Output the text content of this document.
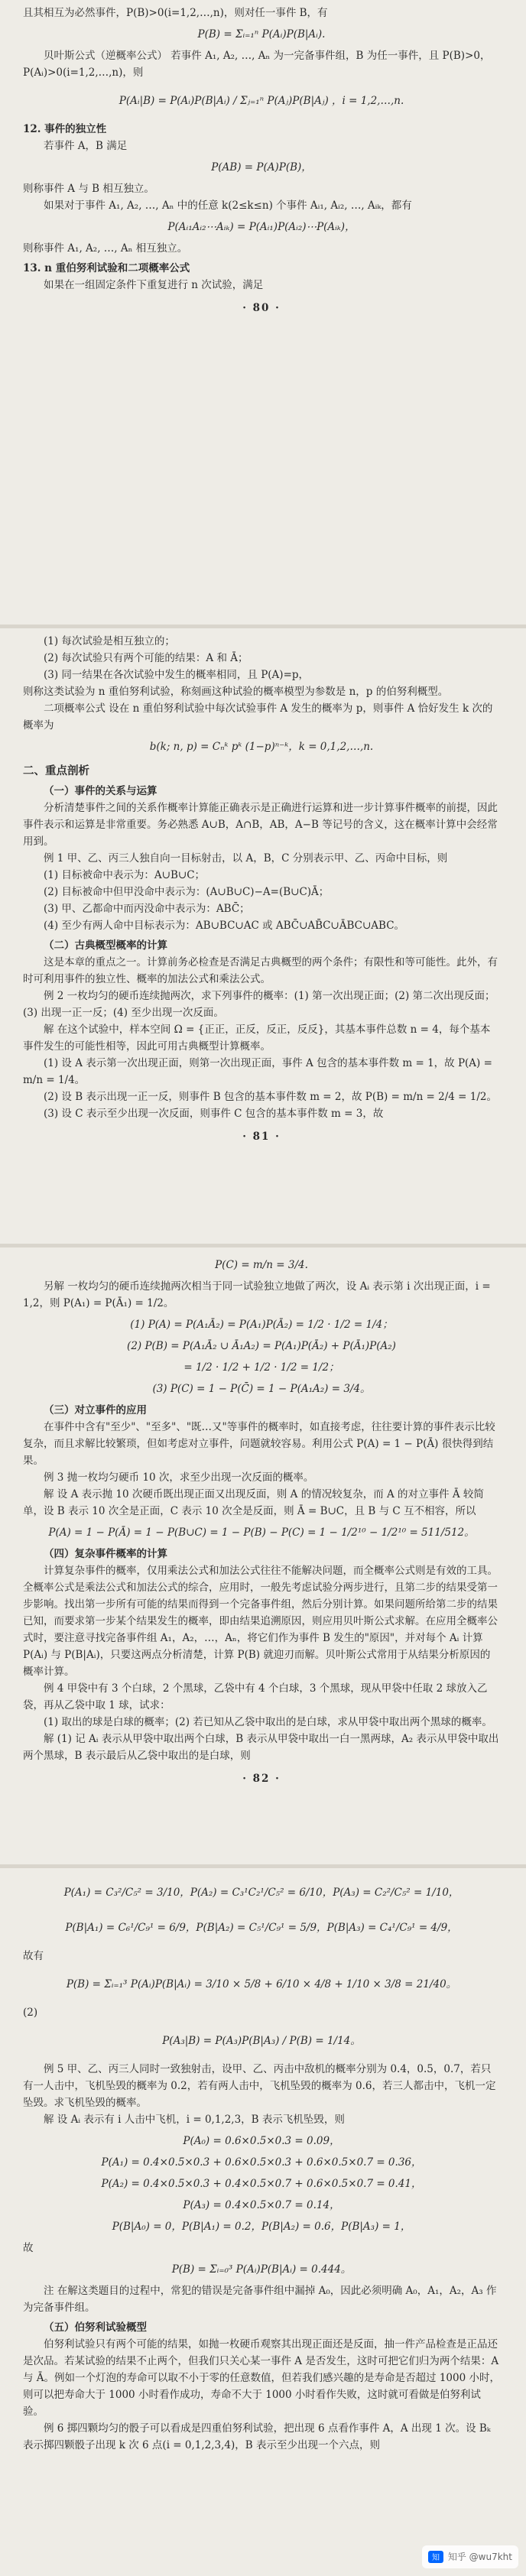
且其相互为必然事件，P(B)>0(i=1,2,…,n)，则对任一事件 B，有

P(B) = Σᵢ₌₁ⁿ P(Aᵢ)P(B|Aᵢ).

贝叶斯公式（逆概率公式） 若事件 A₁, A₂, …, Aₙ 为一完备事件组，B 为任一事件，且 P(B)>0，P(Aᵢ)>0(i=1,2,…,n)，则

P(Aᵢ|B) = P(Aᵢ)P(B|Aᵢ) / Σⱼ₌₁ⁿ P(Aⱼ)P(B|Aⱼ) ，i = 1,2,…,n.

12. 事件的独立性

若事件 A，B 满足

P(AB) = P(A)P(B)，

则称事件 A 与 B 相互独立。

如果对于事件 A₁, A₂, …, Aₙ 中的任意 k(2≤k≤n) 个事件 Aᵢ₁, Aᵢ₂, …, Aᵢₖ，都有

P(Aᵢ₁Aᵢ₂⋯Aᵢₖ) = P(Aᵢ₁)P(Aᵢ₂)⋯P(Aᵢₖ)，

则称事件 A₁, A₂, …, Aₙ 相互独立。

13. n 重伯努利试验和二项概率公式

如果在一组固定条件下重复进行 n 次试验，满足

· 80 ·

(1) 每次试验是相互独立的；

(2) 每次试验只有两个可能的结果：A 和 Ā；

(3) 同一结果在各次试验中发生的概率相同，且 P(A)=p，

则称这类试验为 n 重伯努利试验，称刻画这种试验的概率模型为参数是 n，p 的伯努利概型。

二项概率公式 设在 n 重伯努利试验中每次试验事件 A 发生的概率为 p，则事件 A 恰好发生 k 次的概率为

b(k; n, p) = Cₙᵏ pᵏ (1−p)ⁿ⁻ᵏ，k = 0,1,2,…,n.

二、重点剖析

（一）事件的关系与运算

分析清楚事件之间的关系作概率计算能正确表示是正确进行运算和进一步计算事件概率的前提，因此事件表示和运算是非常重要。务必熟悉 A∪B，A∩B，AB，A−B 等记号的含义，这在概率计算中会经常用到。

例 1 甲、乙、丙三人独自向一目标射击，以 A，B，C 分别表示甲、乙、丙命中目标，则

(1) 目标被命中表示为：A∪B∪C；

(2) 目标被命中但甲没命中表示为：(A∪B∪C)−A=(B∪C)Ā；

(3) 甲、乙都命中而丙没命中表示为：ABC̄；

(4) 至少有两人命中目标表示为：AB∪BC∪AC 或 ABC̄∪AB̄C∪ĀBC∪ABC。

（二）古典概型概率的计算

这是本章的重点之一。计算前务必检查是否满足古典概型的两个条件；有限性和等可能性。此外，有时可利用事件的独立性、概率的加法公式和乘法公式。

例 2 一枚均匀的硬币连续抛两次，求下列事件的概率：(1) 第一次出现正面；(2) 第二次出现反面；(3) 出现一正一反；(4) 至少出现一次反面。

解 在这个试验中，样本空间 Ω = {正正，正反，反正，反反}，其基本事件总数 n = 4，每个基本事件发生的可能性相等，因此可用古典概型计算概率。

(1) 设 A 表示第一次出现正面，则第一次出现正面，事件 A 包含的基本事件数 m = 1，故 P(A) = m/n = 1/4。

(2) 设 B 表示出现一正一反，则事件 B 包含的基本事件数 m = 2，故 P(B) = m/n = 2/4 = 1/2。

(3) 设 C 表示至少出现一次反面，则事件 C 包含的基本事件数 m = 3，故

· 81 ·

P(C) = m/n = 3/4.

另解 一枚均匀的硬币连续抛两次相当于同一试验独立地做了两次，设 Aᵢ 表示第 i 次出现正面，i = 1,2，则 P(A₁) = P(Ā₁) = 1/2。

(1) P(A) = P(A₁Ā₂) = P(A₁)P(Ā₂) = 1/2 · 1/2 = 1/4；

(2) P(B) = P(A₁Ā₂ ∪ Ā₁A₂) = P(A₁)P(Ā₂) + P(Ā₁)P(A₂)

= 1/2 · 1/2 + 1/2 · 1/2 = 1/2；

(3) P(C) = 1 − P(C̄) = 1 − P(A₁A₂) = 3/4。

（三）对立事件的应用

在事件中含有"至少"、"至多"、"既…又"等事件的概率时，如直接考虑，往往要计算的事件表示比较复杂，而且求解比较繁琐，但如考虑对立事件，问题就较容易。利用公式 P(A) = 1 − P(Ā) 很快得到结果。

例 3 抛一枚均匀硬币 10 次，求至少出现一次反面的概率。

解 设 A 表示抛 10 次硬币既出现正面又出现反面，则 A 的情况较复杂，而 A 的对立事件 Ā 较简单，设 B 表示 10 次全是正面，C 表示 10 次全是反面，则 Ā = B∪C，且 B 与 C 互不相容，所以

P(A) = 1 − P(Ā) = 1 − P(B∪C) = 1 − P(B) − P(C) = 1 − 1/2¹⁰ − 1/2¹⁰ = 511/512。

（四）复杂事件概率的计算

计算复杂事件的概率，仅用乘法公式和加法公式往往不能解决问题，而全概率公式则是有效的工具。全概率公式是乘法公式和加法公式的综合，应用时，一般先考虑试验分两步进行，且第二步的结果受第一步影响。找出第一步所有可能的结果而得到一个完备事件组，然后分别计算。如果问题所给第二步的结果已知，而要求第一步某个结果发生的概率，即由结果追溯原因，则应用贝叶斯公式求解。在应用全概率公式时，要注意寻找完备事件组 A₁，A₂，…，Aₙ，将它们作为事件 B 发生的"原因"，并对每个 Aᵢ 计算 P(Aᵢ) 与 P(B|Aᵢ)，只要这两点分析清楚，计算 P(B) 就迎刃而解。贝叶斯公式常用于从结果分析原因的概率计算。

例 4 甲袋中有 3 个白球，2 个黑球，乙袋中有 4 个白球，3 个黑球，现从甲袋中任取 2 球放入乙袋，再从乙袋中取 1 球，试求：

(1) 取出的球是白球的概率；(2) 若已知从乙袋中取出的是白球，求从甲袋中取出两个黑球的概率。

解 (1) 记 Aᵢ 表示从甲袋中取出两个白球，B 表示从甲袋中取出一白一黑两球，A₂ 表示从甲袋中取出两个黑球，B 表示最后从乙袋中取出的是白球，则

· 82 ·

P(A₁) = C₃²/C₅² = 3/10，P(A₂) = C₃¹C₂¹/C₅² = 6/10，P(A₃) = C₂²/C₅² = 1/10，

P(B|A₁) = C₆¹/C₉¹ = 6/9，P(B|A₂) = C₅¹/C₉¹ = 5/9，P(B|A₃) = C₄¹/C₉¹ = 4/9，

故有

P(B) = Σᵢ₌₁³ P(Aᵢ)P(B|Aᵢ) = 3/10 × 5/8 + 6/10 × 4/8 + 1/10 × 3/8 = 21/40。

(2)

P(A₃|B) = P(A₃)P(B|A₃) / P(B) = 1/14。

例 5 甲、乙、丙三人同时一致独射击，设甲、乙、丙击中敌机的概率分别为 0.4，0.5，0.7，若只有一人击中，飞机坠毁的概率为 0.2，若有两人击中，飞机坠毁的概率为 0.6，若三人都击中，飞机一定坠毁。求飞机坠毁的概率。

解 设 Aᵢ 表示有 i 人击中飞机，i = 0,1,2,3，B 表示飞机坠毁，则

P(A₀) = 0.6×0.5×0.3 = 0.09，

P(A₁) = 0.4×0.5×0.3 + 0.6×0.5×0.3 + 0.6×0.5×0.7 = 0.36，

P(A₂) = 0.4×0.5×0.3 + 0.4×0.5×0.7 + 0.6×0.5×0.7 = 0.41，

P(A₃) = 0.4×0.5×0.7 = 0.14，

P(B|A₀) = 0，P(B|A₁) = 0.2，P(B|A₂) = 0.6，P(B|A₃) = 1，

故

P(B) = Σᵢ₌₀³ P(Aᵢ)P(B|Aᵢ) = 0.444。

注 在解这类题目的过程中，常犯的错误是完备事件组中漏掉 A₀，因此必须明确 A₀，A₁，A₂，A₃ 作为完备事件组。

（五）伯努利试验概型

伯努利试验只有两个可能的结果，如抛一枚硬币观察其出现正面还是反面，抽一件产品检查是正品还是次品。若某试验的结果不止两个，但我们只关心某一事件 A 是否发生，这时可把它们归为两个结果：A 与 Ā。例如一个灯泡的寿命可以取不小于零的任意数值，但若我们感兴趣的是寿命是否超过 1000 小时，则可以把寿命大于 1000 小时看作成功，寿命不大于 1000 小时看作失败，这时就可看做是伯努利试验。

例 6 掷四颗均匀的骰子可以看成是四重伯努利试验，把出现 6 点看作事件 A，A 出现 1 次。设 Bₖ 表示掷四颗骰子出现 k 次 6 点(i = 0,1,2,3,4)，B 表示至少出现一个六点，则

知 知乎 @wu7kht
